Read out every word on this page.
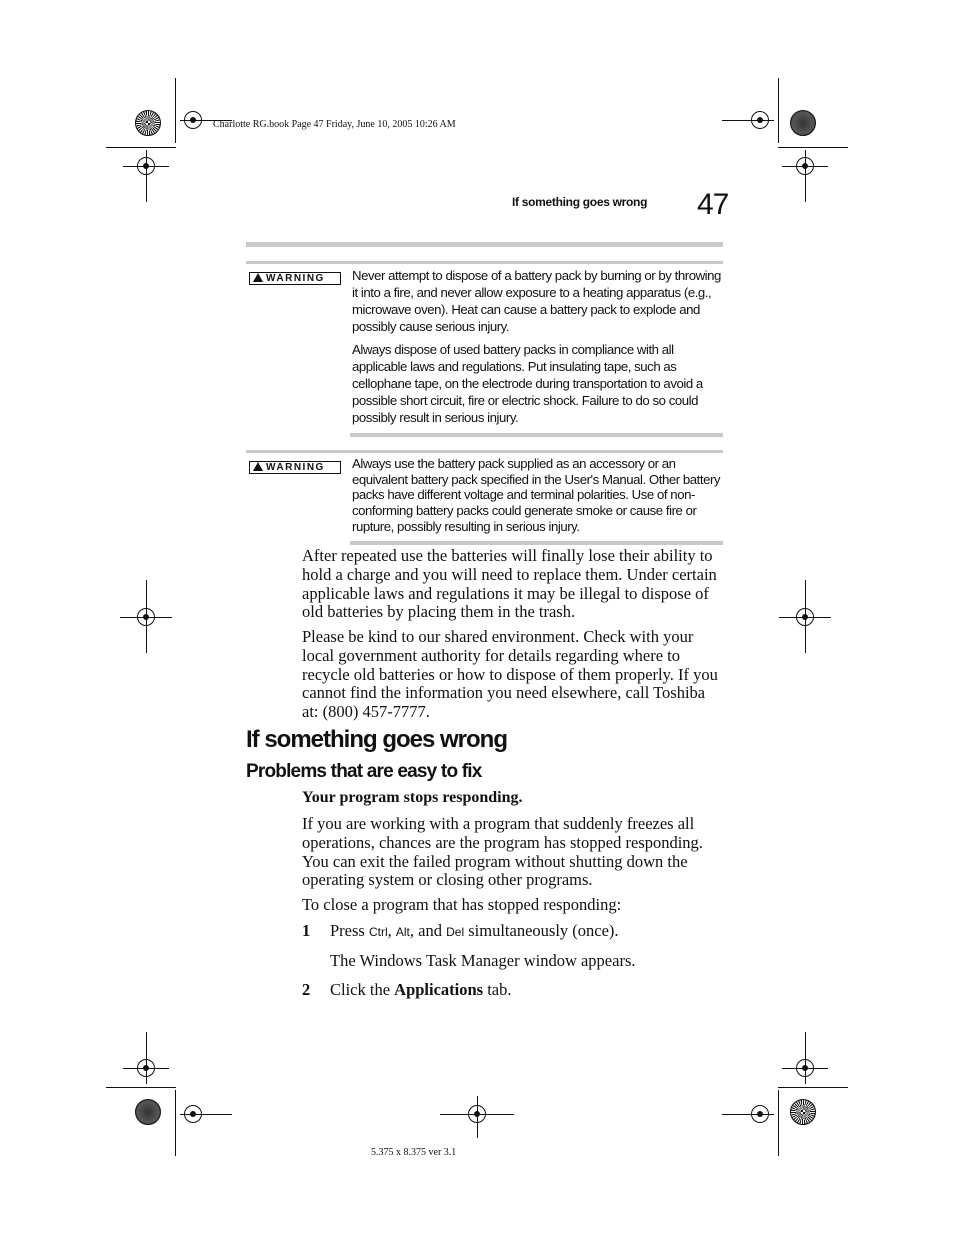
Charlotte RG.book Page 47 Friday, June 10, 2005 10:26 AM
If something goes wrong 47
WARNING	Never attempt to dispose of a battery pack by burning or by throwing it into a fire, and never allow exposure to a heating apparatus (e.g., microwave oven). Heat can cause a battery pack to explode and possibly cause serious injury.
Always dispose of used battery packs in compliance with all applicable laws and regulations. Put insulating tape, such as cellophane tape, on the electrode during transportation to avoid a possible short circuit, fire or electric shock. Failure to do so could possibly result in serious injury.
WARNING	Always use the battery pack supplied as an accessory or an equivalent battery pack specified in the User's Manual. Other battery packs have different voltage and terminal polarities. Use of non-conforming battery packs could generate smoke or cause fire or rupture, possibly resulting in serious injury.
After repeated use the batteries will finally lose their ability to hold a charge and you will need to replace them. Under certain applicable laws and regulations it may be illegal to dispose of old batteries by placing them in the trash.
Please be kind to our shared environment. Check with your local government authority for details regarding where to recycle old batteries or how to dispose of them properly. If you cannot find the information you need elsewhere, call Toshiba at: (800) 457-7777.
If something goes wrong
Problems that are easy to fix
Your program stops responding.
If you are working with a program that suddenly freezes all operations, chances are the program has stopped responding. You can exit the failed program without shutting down the operating system or closing other programs.
To close a program that has stopped responding:
1 Press Ctrl, Alt, and Del simultaneously (once).
The Windows Task Manager window appears.
2 Click the Applications tab.
5.375 x 8.375 ver 3.1
